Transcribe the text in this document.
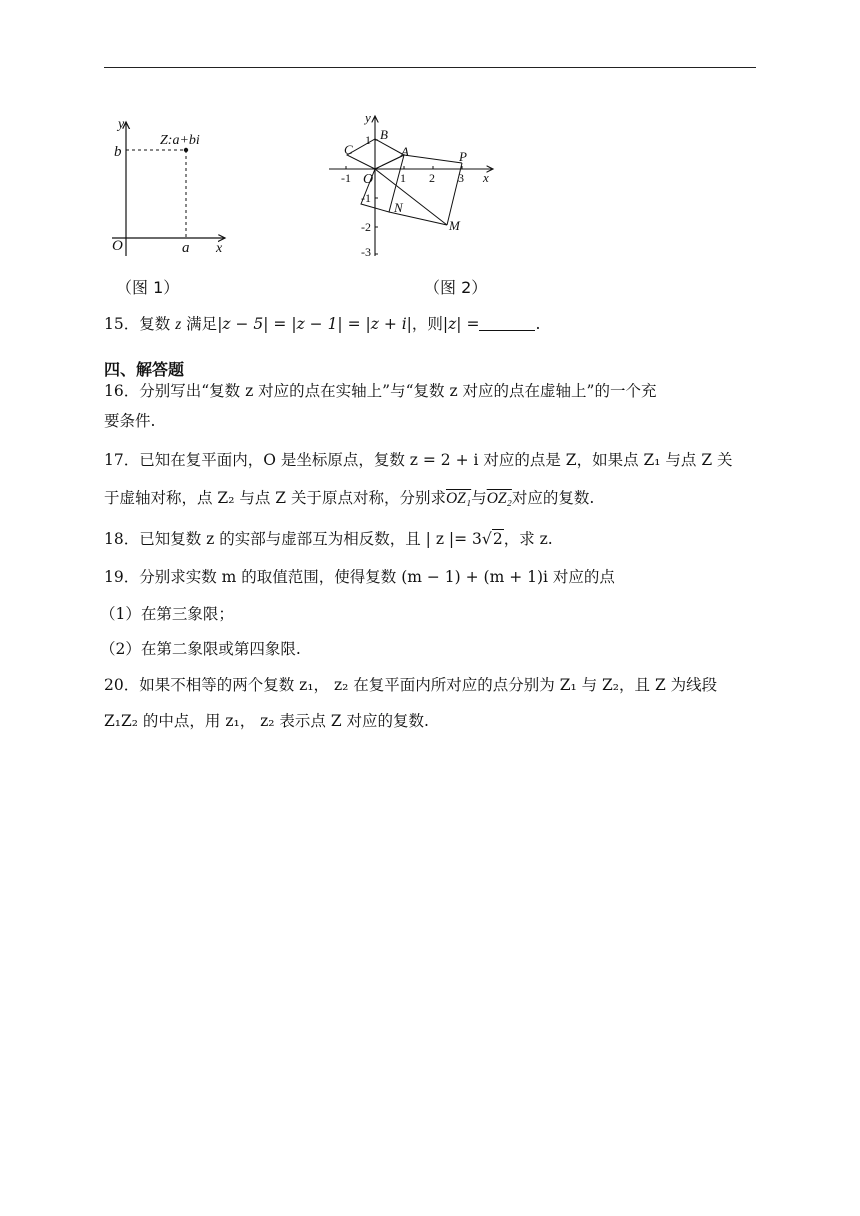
y
b
Z:a+bi
O	a x
（图 1）
y
x
O
B
C	A	P
N
M
-1	1 2 3
1
-1
-2
-3
（图 2）
15．复数 z 满足|z − 5| = |z − 1| = |z + i|，则|z| =	.
四、解答题
16．分别写出“复数 z 对应的点在实轴上”与“复数 z 对应的点在虚轴上”的一个充
要条件.
17．已知在复平面内，O 是坐标原点，复数 z = 2 + i 对应的点是 Z，如果点 Z₁ 与点 Z 关
于虚轴对称，点 Z₂ 与点 Z 关于原点对称，分别求OZ₁与OZ₂对应的复数.
18．已知复数 z 的实部与虚部互为相反数，且 | z |= 3√2，求 z.
19．分别求实数 m 的取值范围，使得复数 (m − 1) + (m + 1)i 对应的点
（1）在第三象限；
（2）在第二象限或第四象限.
20．如果不相等的两个复数 z₁， z₂ 在复平面内所对应的点分别为 Z₁ 与 Z₂，且 Z 为线段
Z₁Z₂ 的中点，用 z₁， z₂ 表示点 Z 对应的复数.
